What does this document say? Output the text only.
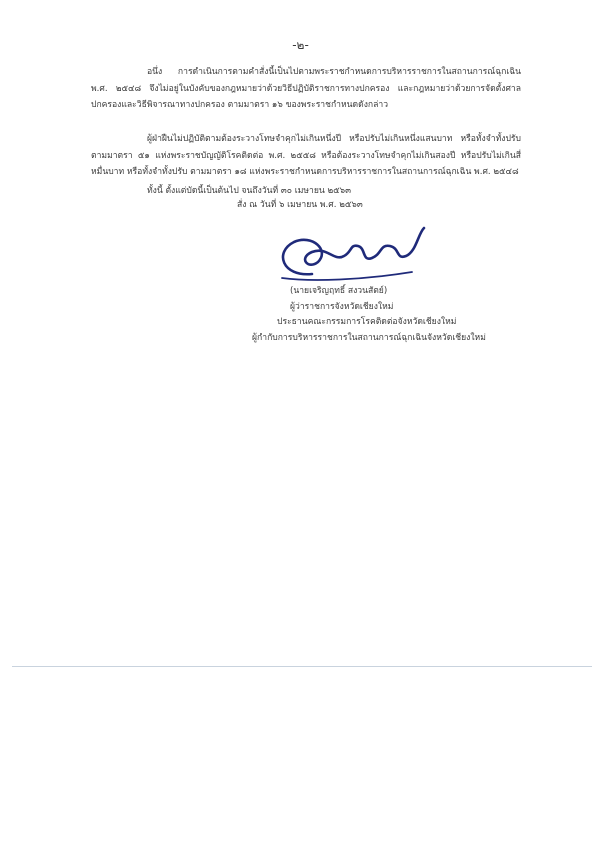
-๒-

อนึ่ง การดำเนินการตามคำสั่งนี้เป็นไปตามพระราชกำหนดการบริหารราชการในสถานการณ์ฉุกเฉิน พ.ศ. ๒๕๔๘ จึงไม่อยู่ในบังคับของกฎหมายว่าด้วยวิธีปฏิบัติราชการทางปกครอง และกฎหมายว่าด้วยการจัดตั้งศาลปกครองและวิธีพิจารณาทางปกครอง ตามมาตรา ๑๖ ของพระราชกำหนดดังกล่าว

ผู้ฝ่าฝืนไม่ปฏิบัติตามต้องระวางโทษจำคุกไม่เกินหนึ่งปี หรือปรับไม่เกินหนึ่งแสนบาท หรือทั้งจำทั้งปรับ ตามมาตรา ๕๑ แห่งพระราชบัญญัติโรคติดต่อ พ.ศ. ๒๕๕๘ หรือต้องระวางโทษจำคุกไม่เกินสองปี หรือปรับไม่เกินสี่หมื่นบาท หรือทั้งจำทั้งปรับ ตามมาตรา ๑๘ แห่งพระราชกำหนดการบริหารราชการในสถานการณ์ฉุกเฉิน พ.ศ. ๒๕๔๘

ทั้งนี้ ตั้งแต่บัดนี้เป็นต้นไป จนถึงวันที่ ๓๐ เมษายน ๒๕๖๓

สั่ง ณ วันที่ ๖ เมษายน พ.ศ. ๒๕๖๓
(นายเจริญฤทธิ์ สงวนสัตย์)
ผู้ว่าราชการจังหวัดเชียงใหม่
ประธานคณะกรรมการโรคติดต่อจังหวัดเชียงใหม่
ผู้กำกับการบริหารราชการในสถานการณ์ฉุกเฉินจังหวัดเชียงใหม่
